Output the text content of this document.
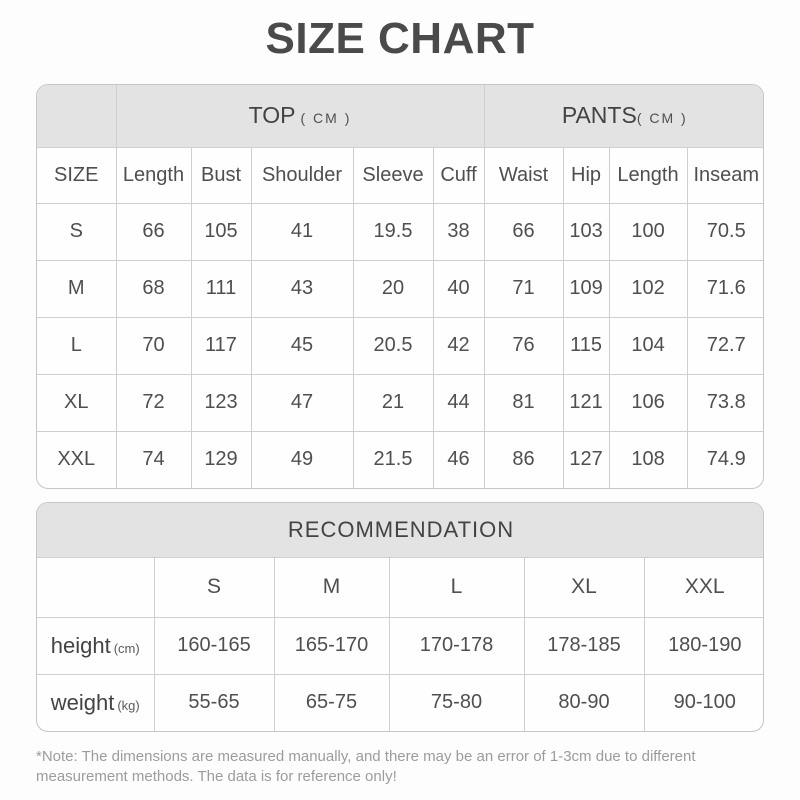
SIZE CHART
	TOP ( CM )					PANTS( CM )			
SIZE	Length	Bust	Shoulder	Sleeve	Cuff	Waist	Hip	Length	Inseam
S	66	105	41	19.5	38	66	103	100	70.5
M	68	111	43	20	40	71	109	102	71.6
L	70	117	45	20.5	42	76	115	104	72.7
XL	72	123	47	21	44	81	121	106	73.8
XXL	74	129	49	21.5	46	86	127	108	74.9
RECOMMENDATION					
	S	M	L	XL	XXL
height (cm)	160-165	165-170	170-178	178-185	180-190
weight (kg)	55-65	65-75	75-80	80-90	90-100

*Note: The dimensions are measured manually, and there may be an error of 1-3cm due to different measurement methods. The data is for reference only!
